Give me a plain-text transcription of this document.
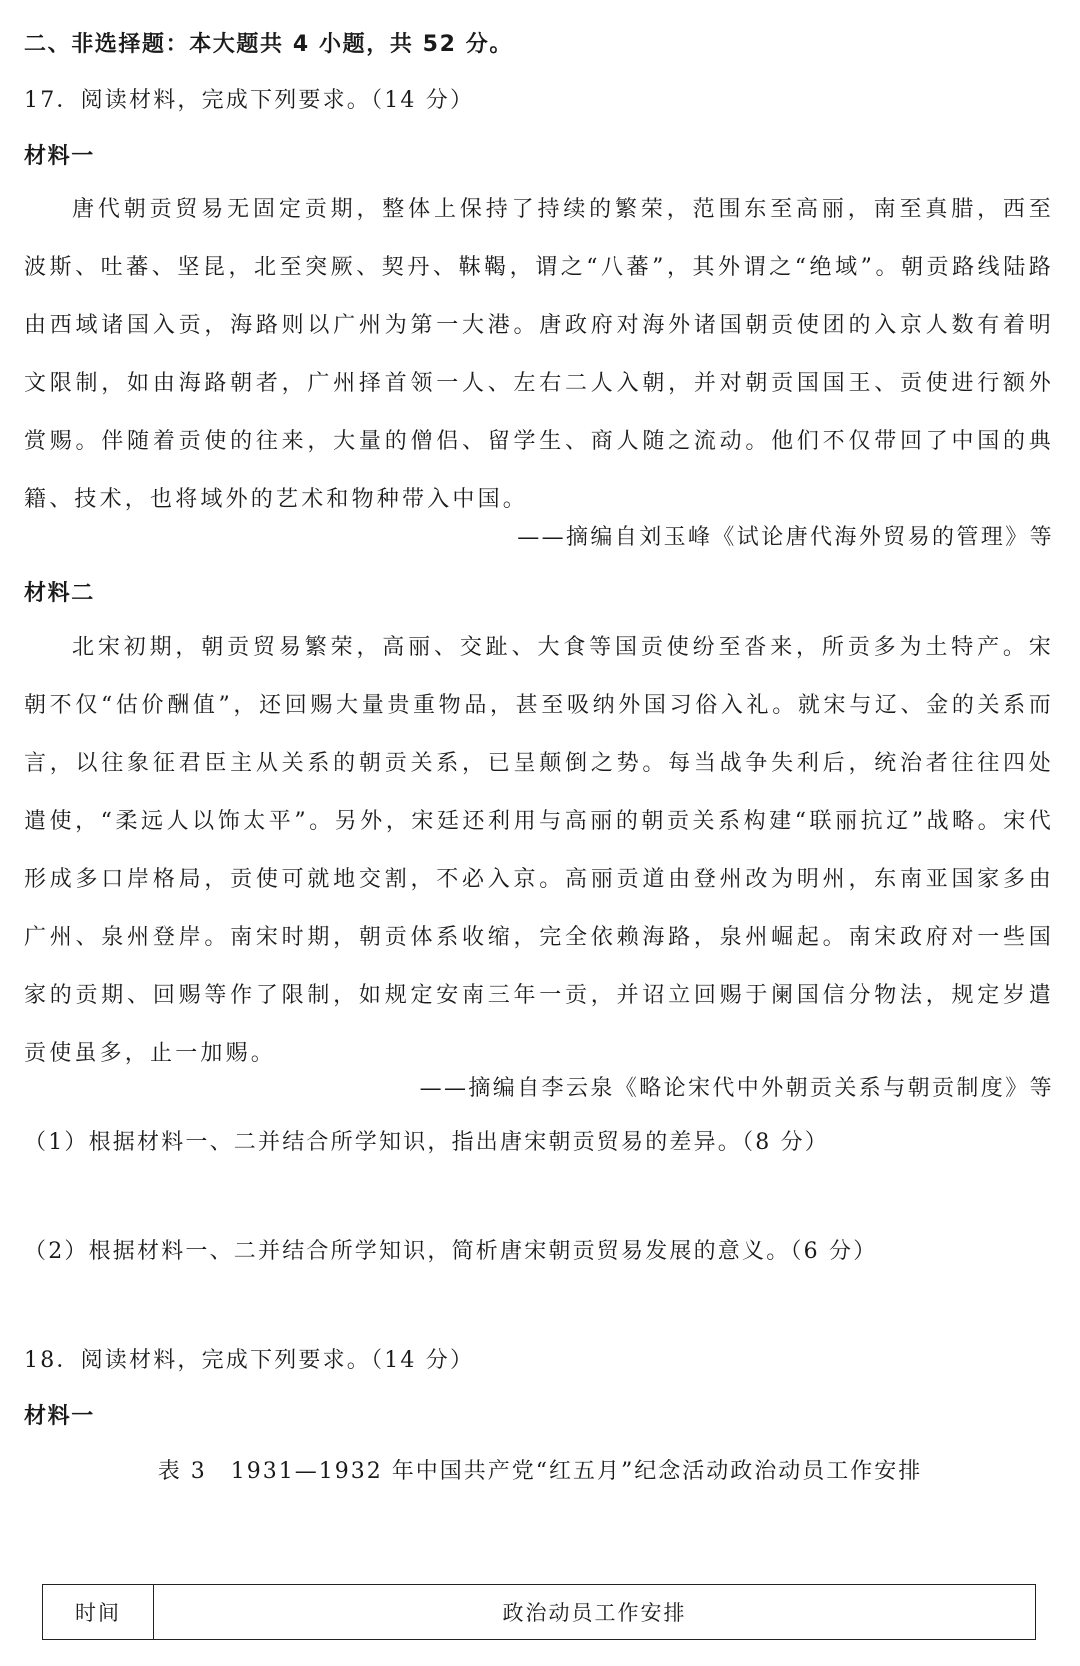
二、非选择题：本大题共 4 小题，共 52 分。
17．阅读材料，完成下列要求。（14 分）
材料一
唐代朝贡贸易无固定贡期，整体上保持了持续的繁荣，范围东至高丽，南至真腊，西至波斯、吐蕃、坚昆，北至突厥、契丹、靺鞨，谓之“八蕃”，其外谓之“绝域”。朝贡路线陆路由西域诸国入贡，海路则以广州为第一大港。唐政府对海外诸国朝贡使团的入京人数有着明文限制，如由海路朝者，广州择首领一人、左右二人入朝，并对朝贡国国王、贡使进行额外赏赐。伴随着贡使的往来，大量的僧侣、留学生、商人随之流动。他们不仅带回了中国的典籍、技术，也将域外的艺术和物种带入中国。
——摘编自刘玉峰《试论唐代海外贸易的管理》等
材料二
北宋初期，朝贡贸易繁荣，高丽、交趾、大食等国贡使纷至沓来，所贡多为土特产。宋朝不仅“估价酬值”，还回赐大量贵重物品，甚至吸纳外国习俗入礼。就宋与辽、金的关系而言，以往象征君臣主从关系的朝贡关系，已呈颠倒之势。每当战争失利后，统治者往往四处遣使，“柔远人以饰太平”。另外，宋廷还利用与高丽的朝贡关系构建“联丽抗辽”战略。宋代形成多口岸格局，贡使可就地交割，不必入京。高丽贡道由登州改为明州，东南亚国家多由广州、泉州登岸。南宋时期，朝贡体系收缩，完全依赖海路，泉州崛起。南宋政府对一些国家的贡期、回赐等作了限制，如规定安南三年一贡，并诏立回赐于阑国信分物法，规定岁遣贡使虽多，止一加赐。
——摘编自李云泉《略论宋代中外朝贡关系与朝贡制度》等
（1）根据材料一、二并结合所学知识，指出唐宋朝贡贸易的差异。（8 分）
（2）根据材料一、二并结合所学知识，简析唐宋朝贡贸易发展的意义。（6 分）
18．阅读材料，完成下列要求。（14 分）
材料一
表 3　1931—1932 年中国共产党“红五月”纪念活动政治动员工作安排
时间	政治动员工作安排
